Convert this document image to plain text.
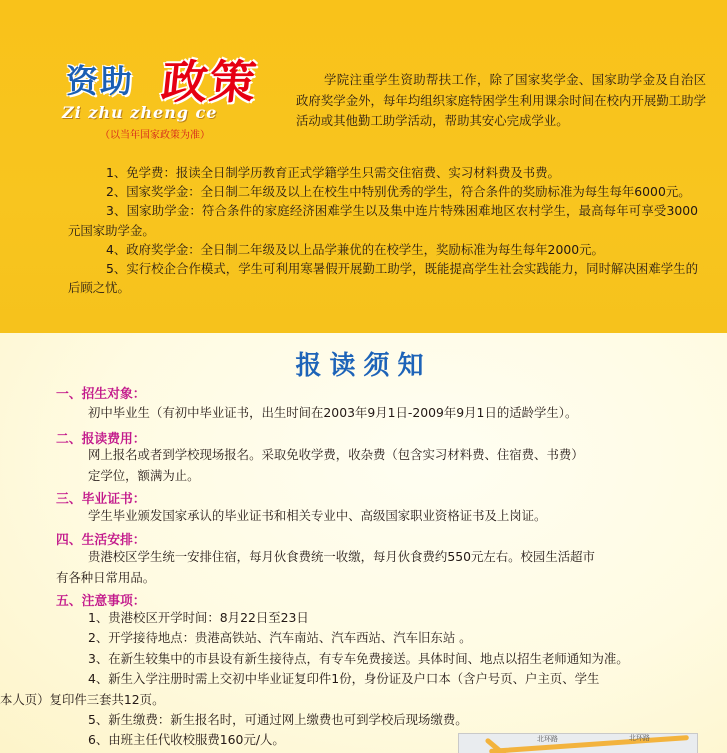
资助 政策
Zi zhu zheng ce
（以当年国家政策为准）
学院注重学生资助帮扶工作，除了国家奖学金、国家助学金及自治区政府奖学金外，每年均组织家庭特困学生利用课余时间在校内开展勤工助学活动或其他勤工助学活动，帮助其安心完成学业。

1、免学费：报读全日制学历教育正式学籍学生只需交住宿费、实习材料费及书费。

2、国家奖学金：全日制二年级及以上在校生中特别优秀的学生，符合条件的奖励标准为每生每年6000元。

3、国家助学金：符合条件的家庭经济困难学生以及集中连片特殊困难地区农村学生，最高每年可享受3000元国家助学金。

4、政府奖学金：全日制二年级及以上品学兼优的在校学生，奖励标准为每生每年2000元。

5、实行校企合作模式，学生可利用寒暑假开展勤工助学，既能提高学生社会实践能力，同时解决困难学生的后顾之忧。

报读须知
一、招生对象：

初中毕业生（有初中毕业证书，出生时间在2003年9月1日-2009年9月1日的适龄学生）。

二、报读费用：

网上报名或者到学校现场报名。采取免收学费，收杂费（包含实习材料费、住宿费、书费）

定学位，额满为止。

三、毕业证书：

学生毕业颁发国家承认的毕业证书和相关专业中、高级国家职业资格证书及上岗证。

四、生活安排：

贵港校区学生统一安排住宿，每月伙食费统一收缴，每月伙食费约550元左右。校园生活超市

有各种日常用品。

五、注意事项：

1、贵港校区开学时间：8月22日至23日

2、开学接待地点：贵港高铁站、汽车南站、汽车西站、汽车旧东站 。

3、在新生较集中的市县设有新生接待点，有专车免费接送。具体时间、地点以招生老师通知为准。

4、新生入学注册时需上交初中毕业证复印件1份，身份证及户口本（含户号页、户主页、学生

本人页）复印件三套共12页。

5、新生缴费：新生报名时，可通过网上缴费也可到学校后现场缴费。

6、由班主任代收校服费160元/人。	北环路	北环路
